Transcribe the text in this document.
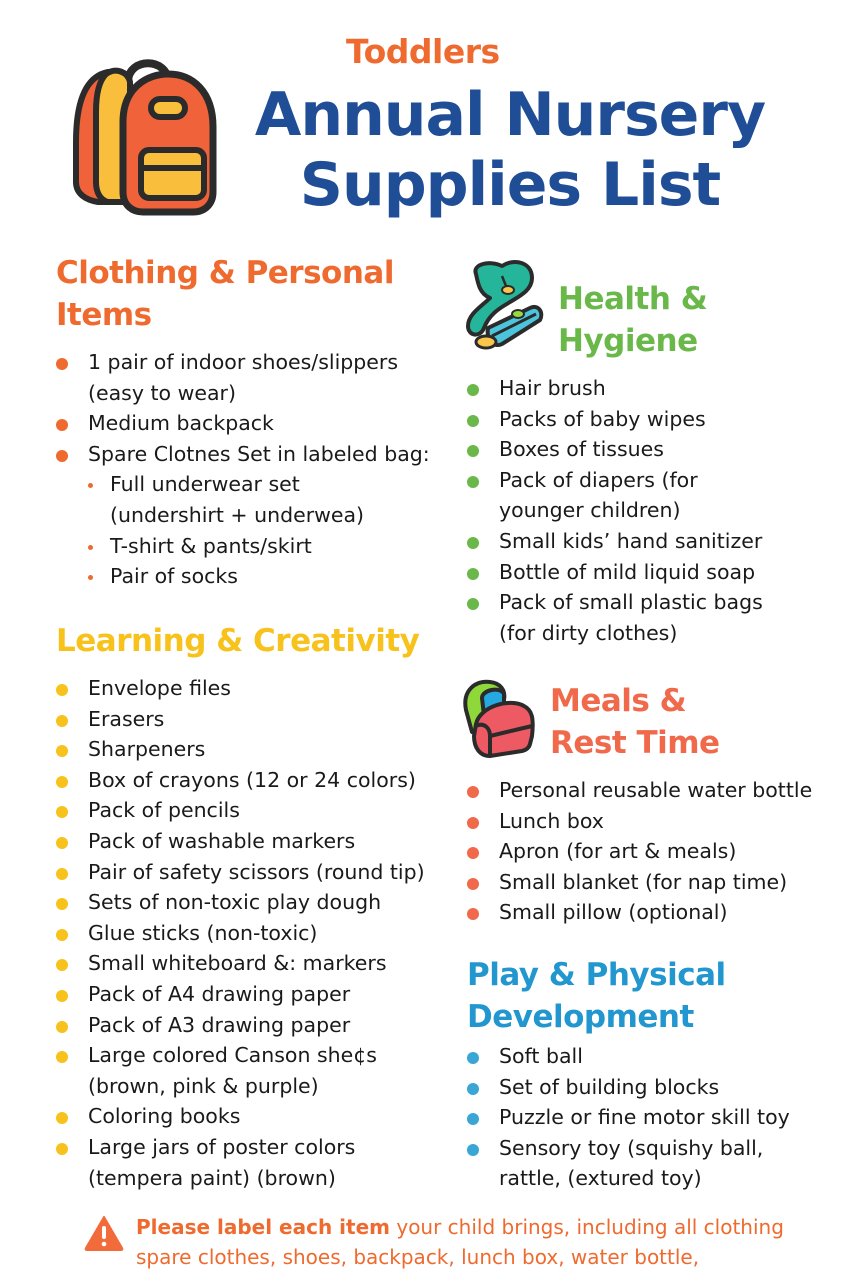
Toddlers
Annual Nursery
Supplies List
Clothing & Personal
Items
1 pair of indoor shoes/slippers
(easy to wear)
Medium backpack
Spare Clotnes Set in labeled bag:
Full underwear set
(undershirt + underwea)
T-shirt & pants/skirt
Pair of socks
Learning & Creativity
Envelope files
Erasers
Sharpeners
Box of crayons (12 or 24 colors)
Pack of pencils
Pack of washable markers
Pair of safety scissors (round tip)
Sets of non-toxic play dough
Glue sticks (non-toxic)
Small whiteboard &: markers
Pack of A4 drawing paper
Pack of A3 drawing paper
Large colored Canson she¢s
(brown, pink & purple)
Coloring books
Large jars of poster colors
(tempera paint) (brown)
Health &
Hygiene
Hair brush
Packs of baby wipes
Boxes of tissues
Pack of diapers (for
younger children)
Small kids’ hand sanitizer
Bottle of mild liquid soap
Pack of small plastic bags
(for dirty clothes)
Meals &
Rest Time
Personal reusable water bottle
Lunch box
Apron (for art & meals)
Small blanket (for nap time)
Small pillow (optional)
Play & Physical
Development
Soft ball
Set of building blocks
Puzzle or fine motor skill toy
Sensory toy (squishy ball,
rattle, (extured toy)
Please label each item your child brings, including all clothing
spare clothes, shoes, backpack, lunch box, water bottle,
